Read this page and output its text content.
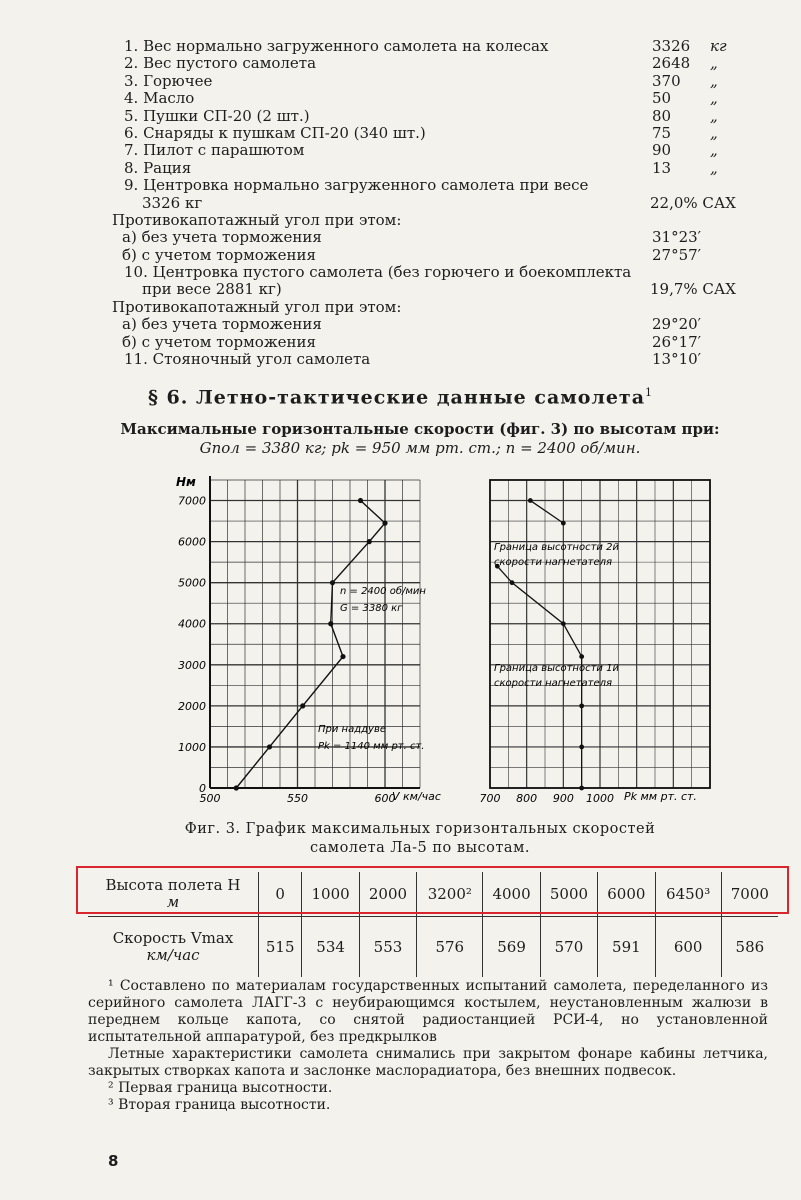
1. Вес нормально загруженного самолета на колесах	3326 кг
2. Вес пустого самолета	2648 „
3. Горючее	370 „
4. Масло	50	„
5. Пушки СП-20 (2 шт.)	80	„
6. Снаряды к пушкам СП-20 (340 шт.)	75	„
7. Пилот с парашютом	90	„
8. Рация	13	„
9. Центровка нормально загруженного самолета при весе
3326 кг	22,0% САХ
Противокапотажный угол при этом:
а) без учета торможения	31°23′
б) с учетом торможения	27°57′
10. Центровка пустого самолета (без горючего и боекомплекта
при весе 2881 кг)	19,7% САХ
Противокапотажный угол при этом:
а) без учета торможения	29°20′
б) с учетом торможения	26°17′
11. Стояночный угол самолета	13°10′
§ 6. Летно-тактические данные самолета$^1$
Максимальные горизонтальные скорости (фиг. 3) по высотам при:
Gпол = 3380 кг; pk = 950 мм рт. ст.; n = 2400 об/мин.
0
1000
2000
3000
4000
5000
6000
7000
500	550	600
Hм
V км/час
n = 2400 об/мин
G = 3380 кг
При наддуве
Pk = 1140 мм рт. ст.
700 800 900 1000 Pk мм рт. ст.
Граница высотности 2й
скорости нагнетателя
Граница высотности 1й
скорости нагнетателя
Фиг. 3. График максимальных горизонтальных скоростей
самолета Ла-5 по высотам.
Высота полета H
м	0	1000	2000	3200²	4000	5000	6000	6450³	7000

Скорость Vmax
км/час	515	534	553	576	569	570	591	600	586

¹ Составлено по материалам государственных испытаний самолета, переделанного из серийного самолета ЛАГГ-3 с неубирающимся костылем, неустановленным жалюзи в переднем кольце капота, со снятой радиостанцией РСИ-4, но установленной испытательной аппаратурой, без предкрылков

Летные характеристики самолета снимались при закрытом фонаре кабины летчика, закрытых створках капота и заслонке маслорадиатора, без внешних подвесок.

² Первая граница высотности.

³ Вторая граница высотности.

8
